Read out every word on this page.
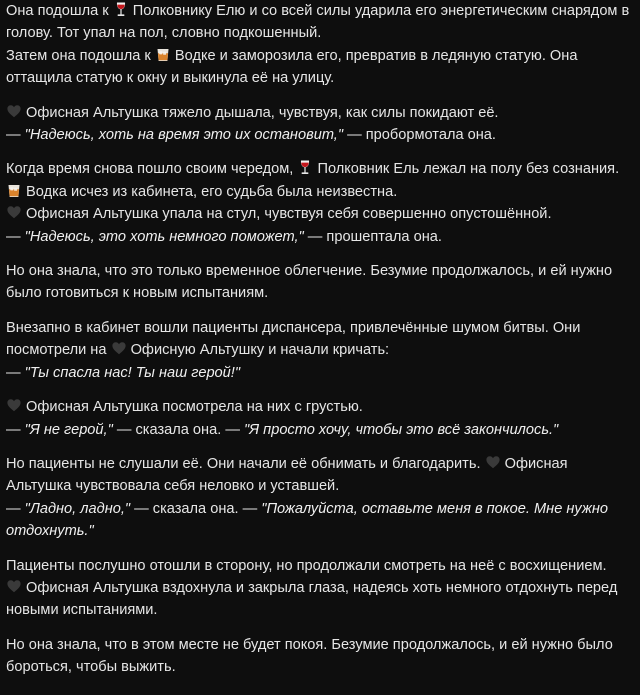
Она подошла к
Полковнику Елю и со всей силы ударила его энергетическим снарядом в голову. Тот упал на пол, словно подкошенный.
Затем она подошла к
Водке и заморозила его, превратив в ледяную статую. Она оттащила статую к окну и выкинула её на улицу.

Офисная Альтушка тяжело дышала, чувствуя, как силы покидают её.
— "Надеюсь, хоть на время это их остановит," — пробормотала она.

Когда время снова пошло своим чередом,
Полковник Ель лежал на полу без сознания.
Водка исчез из кабинета, его судьба была неизвестна.

Офисная Альтушка упала на стул, чувствуя себя совершенно опустошённой.
— "Надеюсь, это хоть немного поможет," — прошептала она.

Но она знала, что это только временное облегчение. Безумие продолжалось, и ей нужно было готовиться к новым испытаниям.

Внезапно в кабинет вошли пациенты диспансера, привлечённые шумом битвы. Они посмотрели на
Офисную Альтушку и начали кричать:
— "Ты спасла нас! Ты наш герой!"

Офисная Альтушка посмотрела на них с грустью.
— "Я не герой," — сказала она. — "Я просто хочу, чтобы это всё закончилось."

Но пациенты не слушали её. Они начали её обнимать и благодарить.
Офисная Альтушка чувствовала себя неловко и уставшей.
— "Ладно, ладно," — сказала она. — "Пожалуйста, оставьте меня в покое. Мне нужно отдохнуть."

Пациенты послушно отошли в сторону, но продолжали смотреть на неё с восхищением.

Офисная Альтушка вздохнула и закрыла глаза, надеясь хоть немного отдохнуть перед новыми испытаниями.

Но она знала, что в этом месте не будет покоя. Безумие продолжалось, и ей нужно было бороться, чтобы выжить.
